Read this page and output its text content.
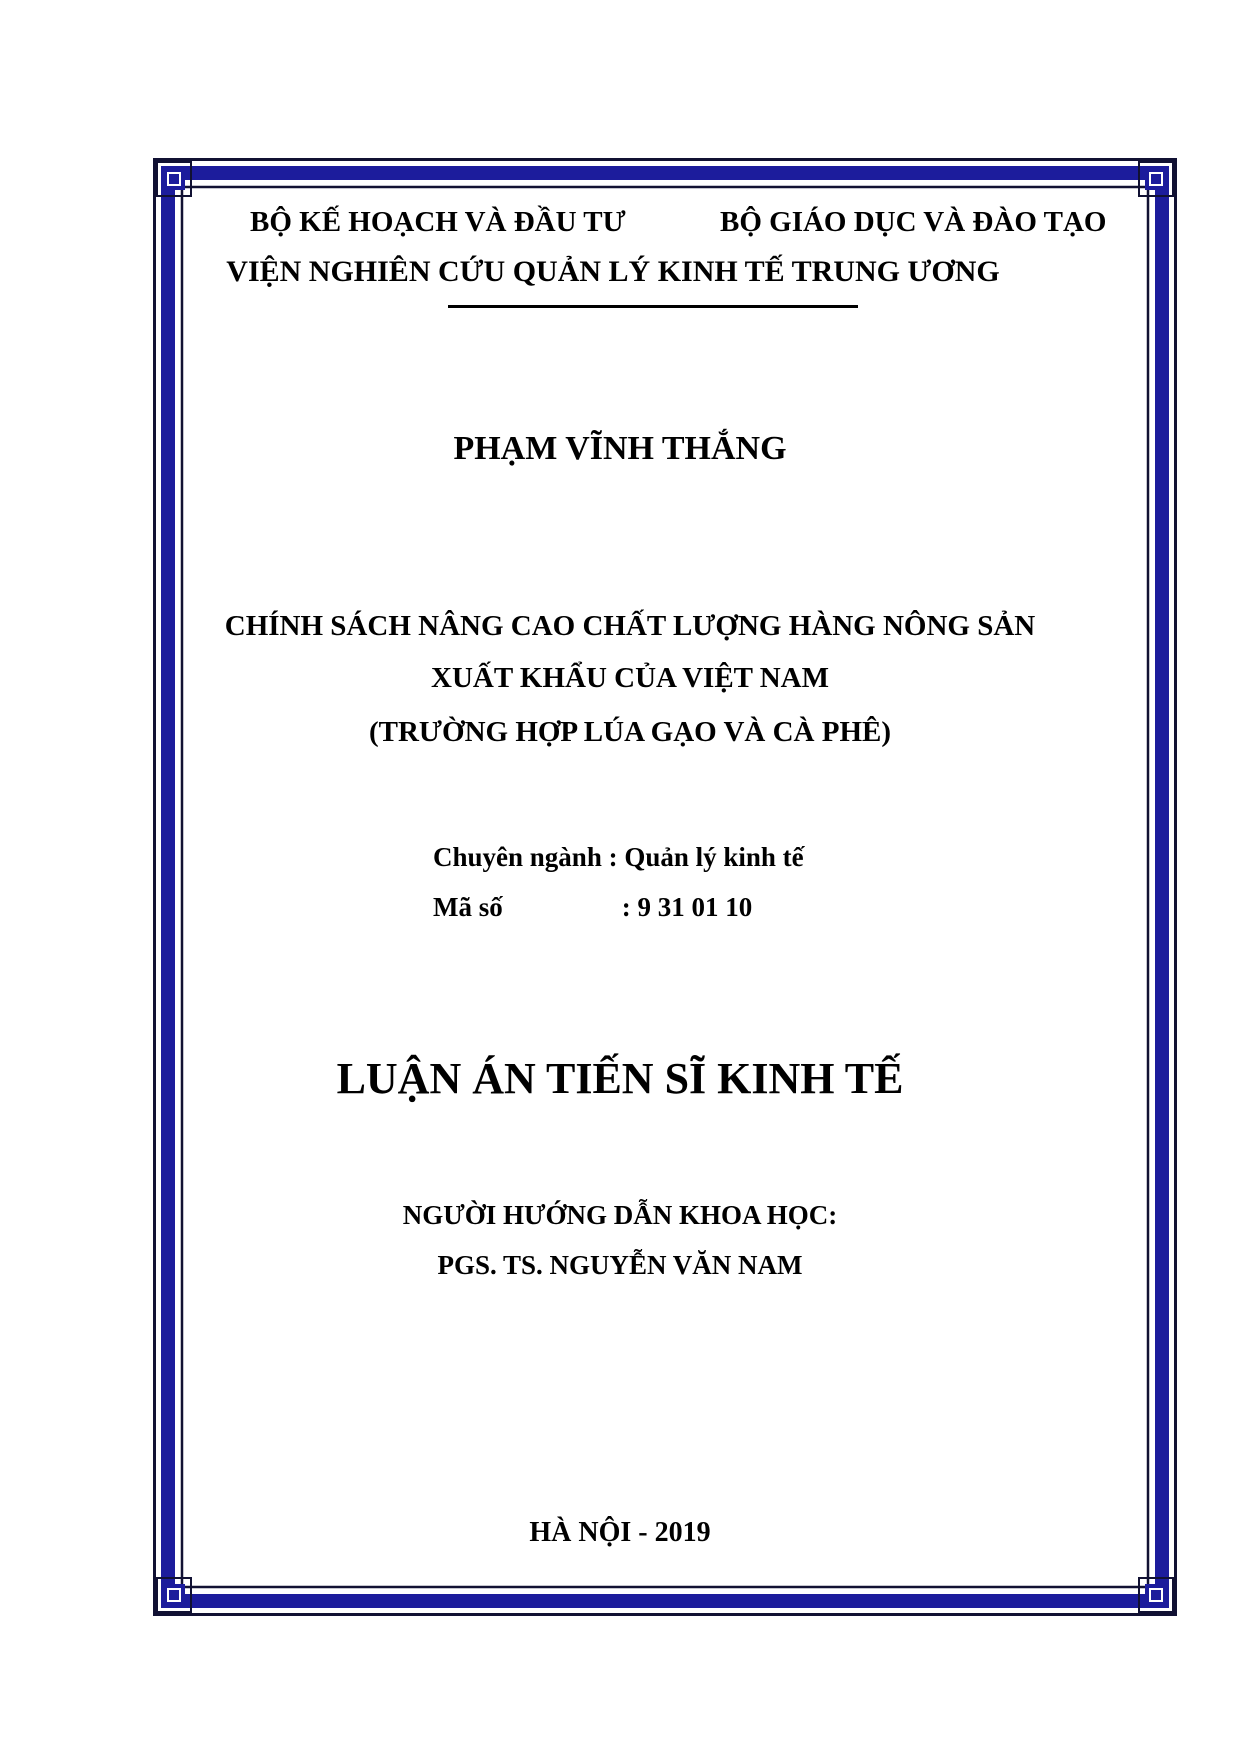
BỘ KẾ HOẠCH VÀ ĐẦU TƯ	BỘ GIÁO DỤC VÀ ĐÀO TẠO
VIỆN NGHIÊN CỨU QUẢN LÝ KINH TẾ TRUNG ƯƠNG
PHẠM VĨNH THẮNG
CHÍNH SÁCH NÂNG CAO CHẤT LƯỢNG HÀNG NÔNG SẢN
XUẤT KHẨU CỦA VIỆT NAM
(TRƯỜNG HỢP LÚA GẠO VÀ CÀ PHÊ)
Chuyên ngành : Quản lý kinh tế
Mã số	: 9 31 01 10
LUẬN ÁN TIẾN SĨ KINH TẾ
NGƯỜI HƯỚNG DẪN KHOA HỌC:
PGS. TS. NGUYỄN VĂN NAM
HÀ NỘI - 2019
